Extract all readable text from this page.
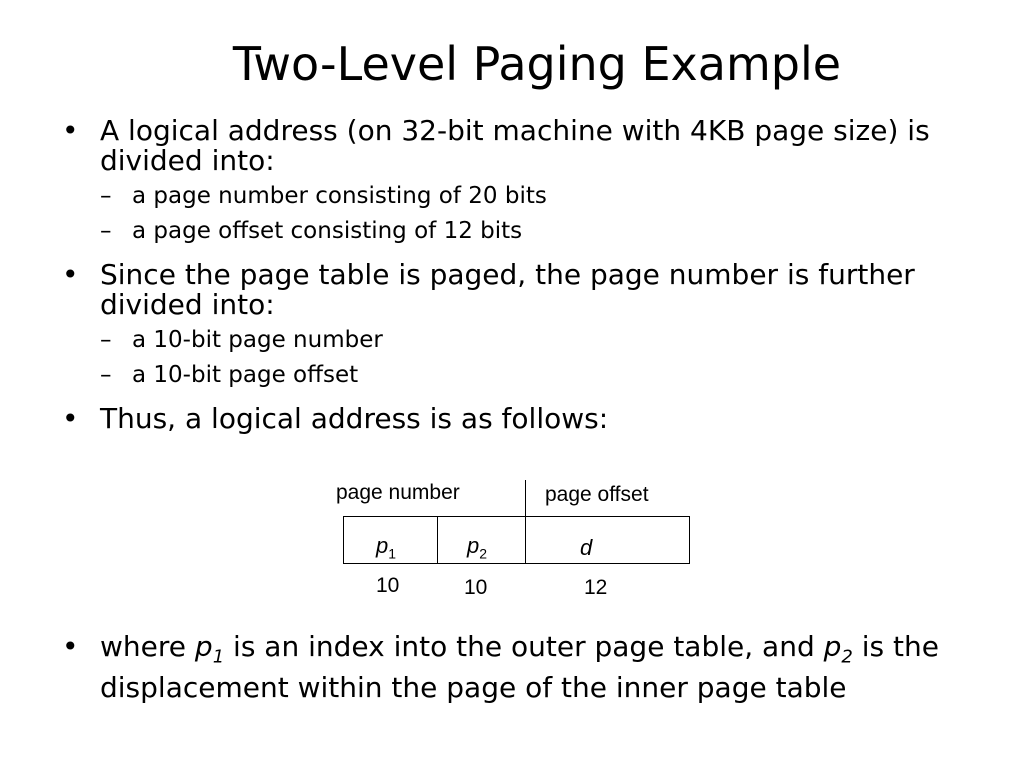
Two-Level Paging Example
• A logical address (on 32-bit machine with 4KB page size) is divided into:
– a page number consisting of 20 bits
– a page offset consisting of 12 bits
• Since the page table is paged, the page number is further divided into:
– a 10-bit page number
– a 10-bit page offset
• Thus, a logical address is as follows:
page number	page offset
$p_1$	$p_2$	d
10	10	12
• where $p_1$ is an index into the outer page table, and $p_2$ is the displacement within the page of the inner page table
